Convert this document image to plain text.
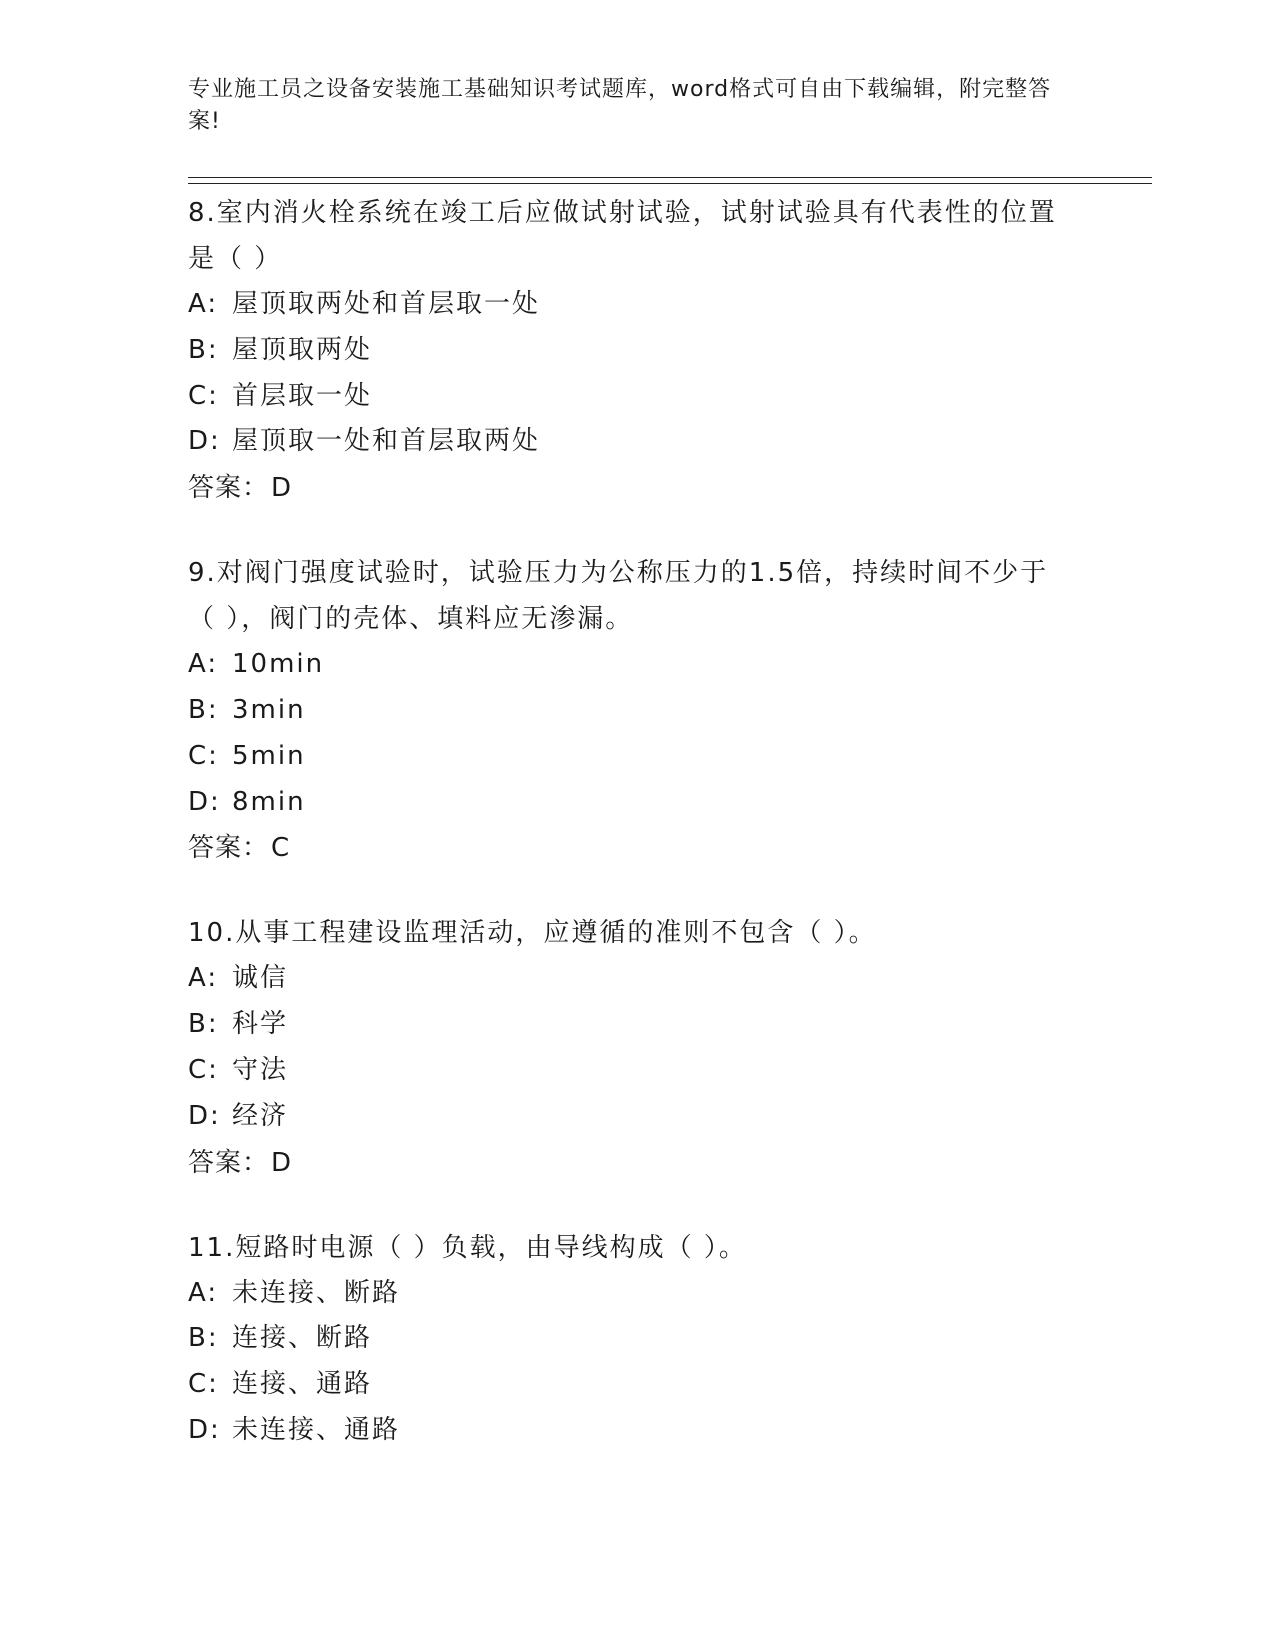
专业施工员之设备安装施工基础知识考试题库，word格式可自由下载编辑，附完整答案!
8.室内消火栓系统在竣工后应做试射试验，试射试验具有代表性的位置是（ ）
A: 屋顶取两处和首层取一处
B: 屋顶取两处
C: 首层取一处
D: 屋顶取一处和首层取两处
答案：D
9.对阀门强度试验时，试验压力为公称压力的1.5倍，持续时间不少于（ ），阀门的壳体、填料应无渗漏。
A: 10min
B: 3min
C: 5min
D: 8min
答案：C
10.从事工程建设监理活动，应遵循的准则不包含（ ）。
A: 诚信
B: 科学
C: 守法
D: 经济
答案：D
11.短路时电源（ ）负载，由导线构成（ ）。
A: 未连接、断路
B: 连接、断路
C: 连接、通路
D: 未连接、通路
